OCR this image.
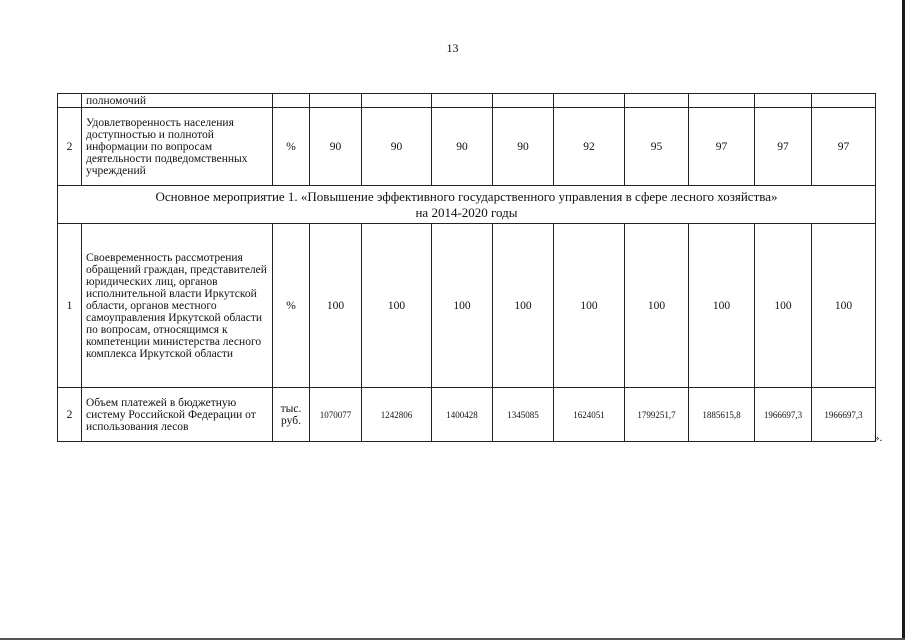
13
	полномочий										
2	Удовлетворенность населения доступностью и полнотой информации по вопросам деятельности подведомственных учреждений	%	90	90	90	90	92	95	97	97	97

Основное мероприятие 1. «Повышение эффективного государственного управления в сфере лесного хозяйства»
на 2014-2020 годы											

1	Своевременность рассмотрения обращений граждан, представителей юридических лиц, органов исполнительной власти Иркутской области, органов местного самоуправления Иркутской области по вопросам, относящимся к компетенции министерства лесного комплекса Иркутской области	%	100	100	100	100	100	100	100	100	100
2	Объем платежей в бюджетную систему Российской Федерации от использования лесов	тыс. руб.	1070077	1242806	1400428	1345085	1624051	1799251,7	1885615,8	1966697,3	1966697,3
».
